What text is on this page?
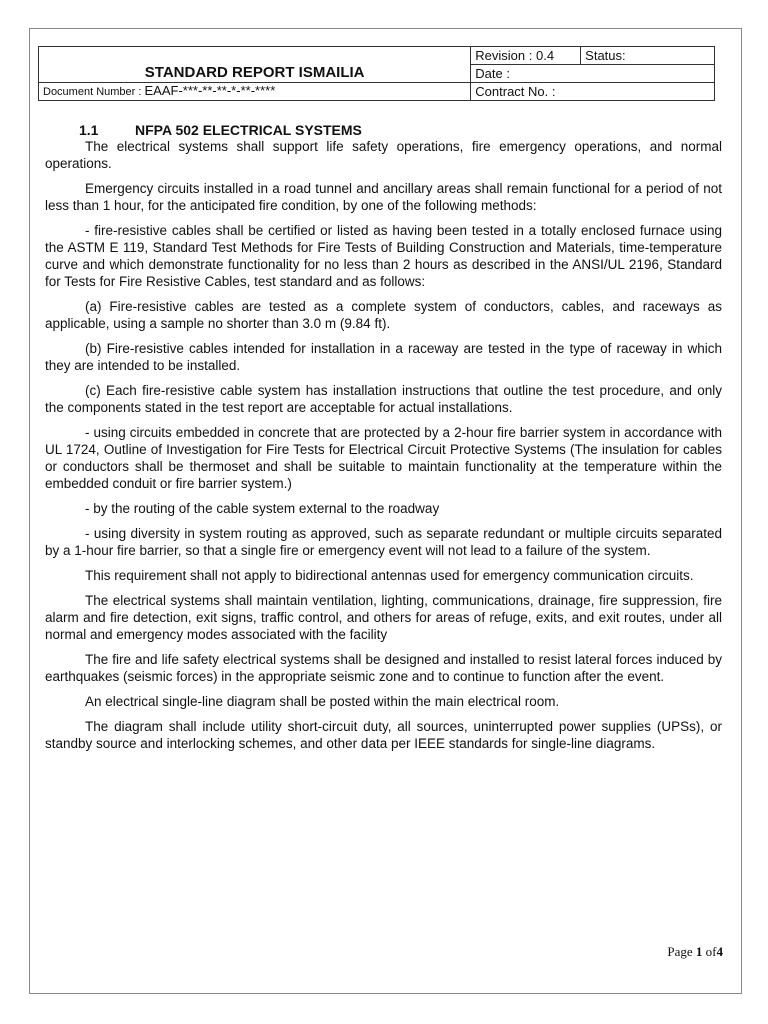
STANDARD REPORT ISMAILIA	Revision : 0.4	Status:
	Date :	
Document Number : EAAF-***-**-**-*-**-****	Contract No. :	
1.1	NFPA 502 ELECTRICAL SYSTEMS

The electrical systems shall support life safety operations, fire emergency operations, and normal operations.

Emergency circuits installed in a road tunnel and ancillary areas shall remain functional for a period of not less than 1 hour, for the anticipated fire condition, by one of the following methods:

- fire-resistive cables shall be certified or listed as having been tested in a totally enclosed furnace using the ASTM E 119, Standard Test Methods for Fire Tests of Building Construction and Materials, time-temperature curve and which demonstrate functionality for no less than 2 hours as described in the ANSI/UL 2196, Standard for Tests for Fire Resistive Cables, test standard and as follows:

(a) Fire-resistive cables are tested as a complete system of conductors, cables, and raceways as applicable, using a sample no shorter than 3.0 m (9.84 ft).

(b) Fire-resistive cables intended for installation in a raceway are tested in the type of raceway in which they are intended to be installed.

(c) Each fire-resistive cable system has installation instructions that outline the test procedure, and only the components stated in the test report are acceptable for actual installations.

- using circuits embedded in concrete that are protected by a 2-hour fire barrier system in accordance with UL 1724, Outline of Investigation for Fire Tests for Electrical Circuit Protective Systems (The insulation for cables or conductors shall be thermoset and shall be suitable to maintain functionality at the temperature within the embedded conduit or fire barrier system.)

- by the routing of the cable system external to the roadway

- using diversity in system routing as approved, such as separate redundant or multiple circuits separated by a 1-hour fire barrier, so that a single fire or emergency event will not lead to a failure of the system.

This requirement shall not apply to bidirectional antennas used for emergency communication circuits.

The electrical systems shall maintain ventilation, lighting, communications, drainage, fire suppression, fire alarm and fire detection, exit signs, traffic control, and others for areas of refuge, exits, and exit routes, under all normal and emergency modes associated with the facility

The fire and life safety electrical systems shall be designed and installed to resist lateral forces induced by earthquakes (seismic forces) in the appropriate seismic zone and to continue to function after the event.

An electrical single-line diagram shall be posted within the main electrical room.

The diagram shall include utility short-circuit duty, all sources, uninterrupted power supplies (UPSs), or standby source and interlocking schemes, and other data per IEEE standards for single-line diagrams.

Page 1 of4
